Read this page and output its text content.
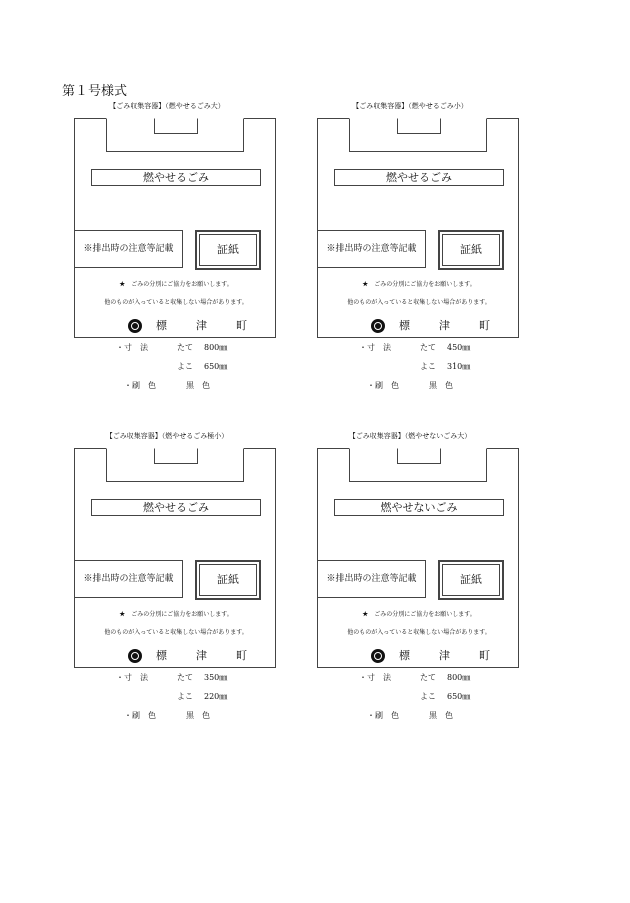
第１号様式
【ごみ収集容器】（燃やせるごみ大）
燃やせるごみ
※排出時の注意等記載	証紙
★　ごみの分別にご協力をお願いします。
他のものが入っていると収集しない場合があります。
標　津　町
・寸　法	たて 800㎜
よこ 650㎜
・刷　色	黒　色
【ごみ収集容器】（燃やせるごみ小）
燃やせるごみ
※排出時の注意等記載	証紙
★　ごみの分別にご協力をお願いします。
他のものが入っていると収集しない場合があります。
標　津　町
・寸　法	たて 450㎜
よこ 310㎜
・刷　色	黒　色
【ごみ収集容器】（燃やせるごみ極小）
燃やせるごみ
※排出時の注意等記載	証紙
★　ごみの分別にご協力をお願いします。
他のものが入っていると収集しない場合があります。
標　津　町
・寸　法	たて 350㎜
よこ 220㎜
・刷　色	黒　色
【ごみ収集容器】（燃やせないごみ大）
燃やせないごみ
※排出時の注意等記載	証紙
★　ごみの分別にご協力をお願いします。
他のものが入っていると収集しない場合があります。
標　津　町
・寸　法	たて 800㎜
よこ 650㎜
・刷　色	黒　色
